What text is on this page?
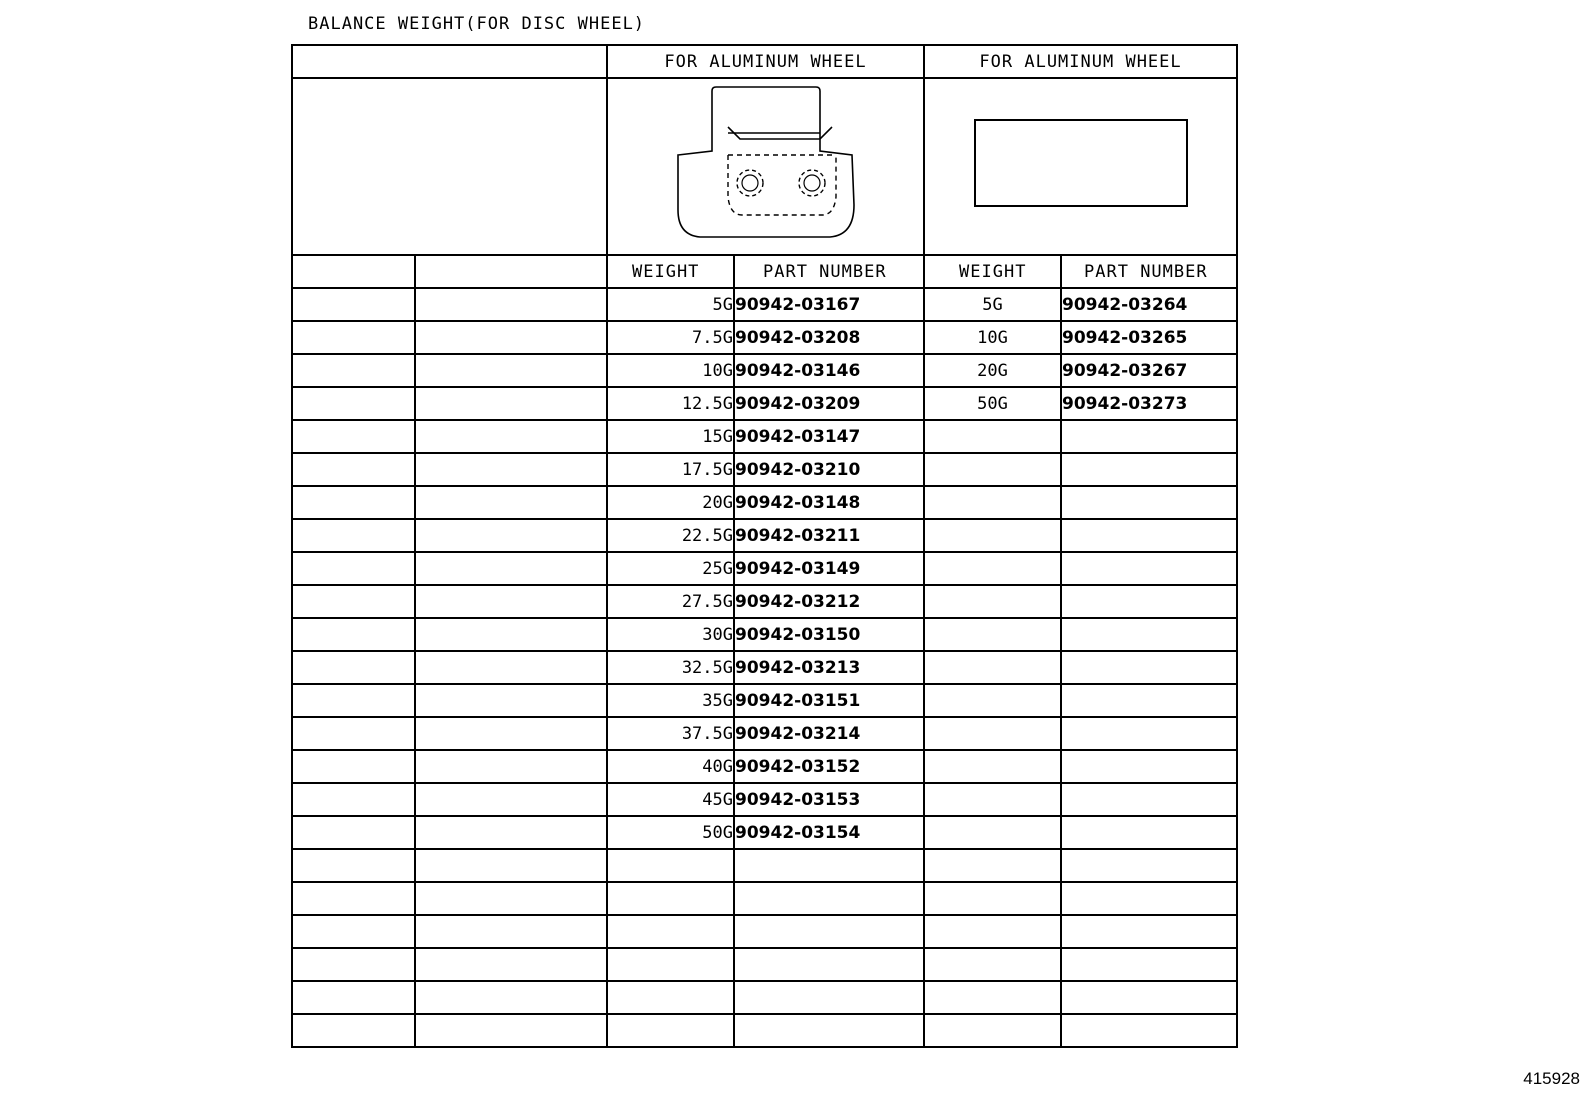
BALANCE WEIGHT(FOR DISC WHEEL)
		FOR ALUMINUM WHEEL		FOR ALUMINUM WHEEL	

		WEIGHT	PART NUMBER	WEIGHT	PART NUMBER
		5G	90942-03167	5G	90942-03264
		7.5G	90942-03208	10G	90942-03265
		10G	90942-03146	20G	90942-03267
		12.5G	90942-03209	50G	90942-03273
		15G	90942-03147		
		17.5G	90942-03210		
		20G	90942-03148		
		22.5G	90942-03211		
		25G	90942-03149		
		27.5G	90942-03212		
		30G	90942-03150		
		32.5G	90942-03213		
		35G	90942-03151		
		37.5G	90942-03214		
		40G	90942-03152		
		45G	90942-03153		
		50G	90942-03154		

415928
